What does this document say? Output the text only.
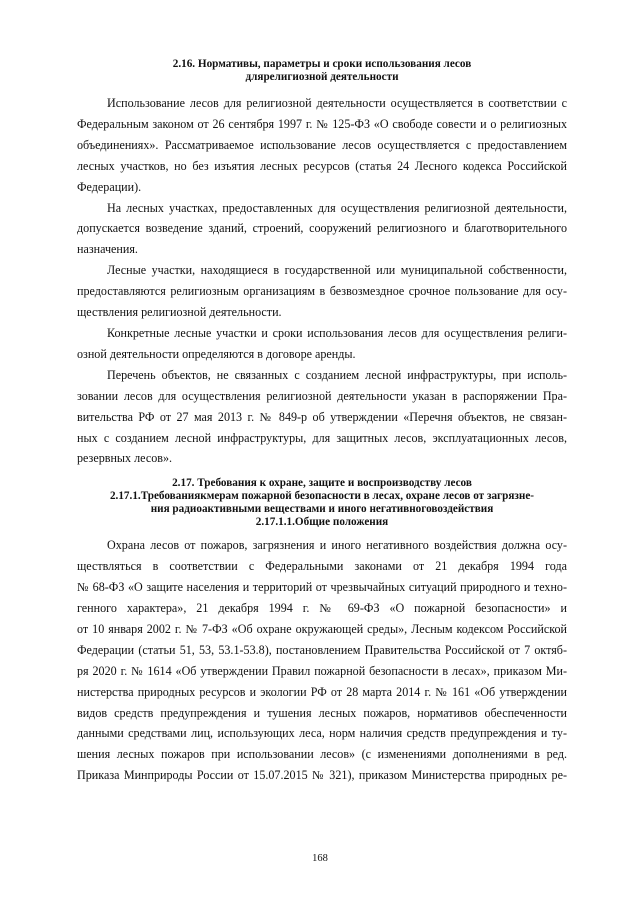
2.16. Нормативы, параметры и сроки использования лесов
длярелигиозной деятельности

Использование лесов для религиозной деятельности осуществляется в соответствии с
Федеральным законом от 26 сентября 1997 г. № 125-ФЗ «О свободе совести и о религиозных
объединениях». Рассматриваемое использование лесов осуществляется с предоставлением
лесных участков, но без изъятия лесных ресурсов (статья 24 Лесного кодекса Российской
Федерации).

На лесных участках, предоставленных для осуществления религиозной деятельности,
допускается возведение зданий, строений, сооружений религиозного и благотворительного
назначения.

Лесные участки, находящиеся в государственной или муниципальной собственности,
предоставляются религиозным организациям в безвозмездное срочное пользование для осу-
ществления религиозной деятельности.

Конкретные лесные участки и сроки использования лесов для осуществления религи-
озной деятельности определяются в договоре аренды.

Перечень объектов, не связанных с созданием лесной инфраструктуры, при исполь-
зовании лесов для осуществления религиозной деятельности указан в распоряжении Пра-
вительства РФ от 27 мая 2013 г. № 849-р об утверждении «Перечня объектов, не связан-
ных с созданием лесной инфраструктуры, для защитных лесов, эксплуатационных лесов,
резервных лесов».

2.17. Требования к охране, защите и воспроизводству лесов
2.17.1.Требованиякмерам пожарной безопасности в лесах, охране лесов от загрязне-
ния радиоактивными веществами и иного негативноговоздействия
2.17.1.1.Общие положения

Охрана лесов от пожаров, загрязнения и иного негативного воздействия должна осу-
ществляться в соответствии с Федеральными законами от 21 декабря 1994 года
№ 68-ФЗ «О защите населения и территорий от чрезвычайных ситуаций природного и техно-
генного характера», 21 декабря 1994 г. № 69-ФЗ «О пожарной безопасности» и
от 10 января 2002 г. № 7-ФЗ «Об охране окружающей среды», Лесным кодексом Российской
Федерации (статьи 51, 53, 53.1-53.8), постановлением Правительства Российской от 7 октяб-
ря 2020 г. № 1614 «Об утверждении Правил пожарной безопасности в лесах», приказом Ми-
нистерства природных ресурсов и экологии РФ от 28 марта 2014 г. № 161 «Об утверждении
видов средств предупреждения и тушения лесных пожаров, нормативов обеспеченности
данными средствами лиц, использующих леса, норм наличия средств предупреждения и ту-
шения лесных пожаров при использовании лесов» (с изменениями дополнениями в ред.
Приказа Минприроды России от 15.07.2015 № 321), приказом Министерства природных ре-

168
